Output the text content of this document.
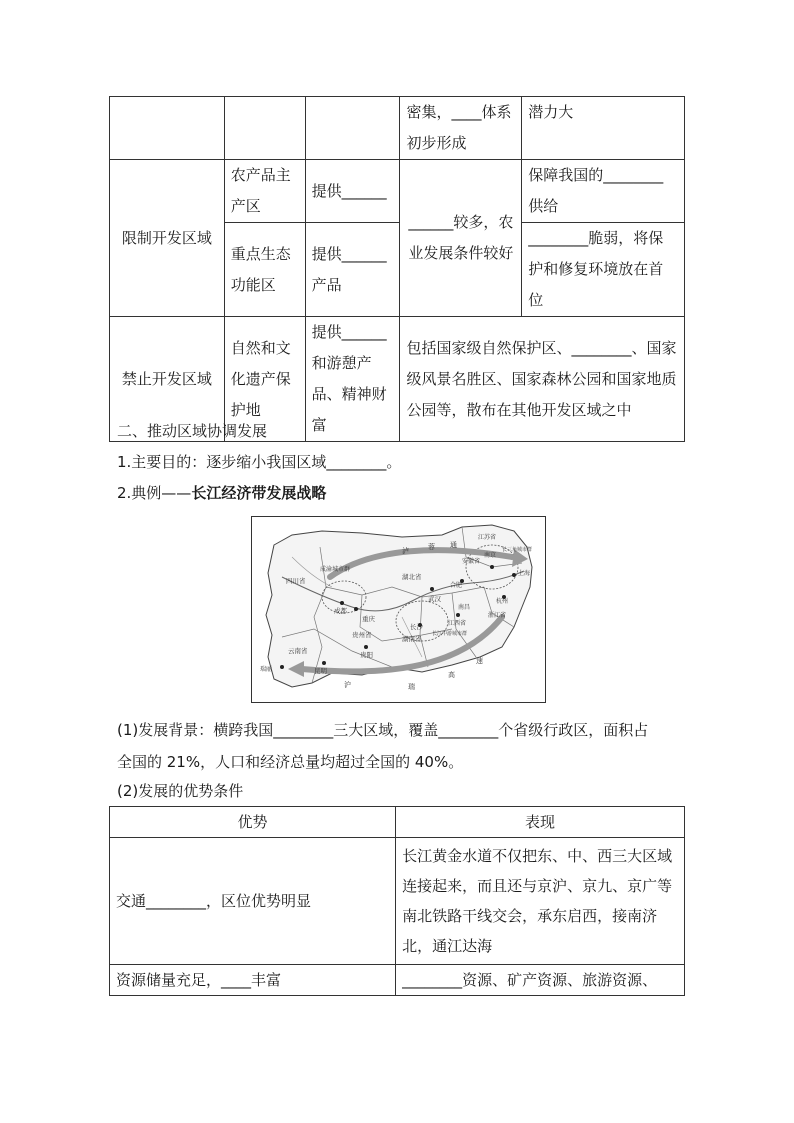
			密集，____体系初步形成	潜力大
限制开发区域	农产品主产区	提供______	______较多，农业发展条件较好	保障我国的________供给
	重点生态功能区	提供______产品		________脆弱，将保护和修复环境放在首位
禁止开发区域	自然和文化遗产保护地	提供______和游憩产品、精神财富	包括国家级自然保护区、________、国家级风景名胜区、国家森林公园和国家地质公园等，散布在其他开发区域之中	
二、推动区域协调发展
1.主要目的：逐步缩小我国区域________。
2.典例——长江经济带发展战略
江苏省
成渝城市群
泸	蓉 通
安徽省
南京
长三角城市群
四川省	湖北省
合肥
上海
成都
武汉	杭州
重庆
长江中游城市群
江西省
浙江省
长沙
南昌
湖南省
贵州省
贵阳
云南省
昆明
瑞丽
沪	瑞
高
速
(1)发展背景：横跨我国________三大区域，覆盖________个省级行政区，面积占
全国的 21%，人口和经济总量均超过全国的 40%。
(2)发展的优势条件
优势	表现
交通________，区位优势明显	长江黄金水道不仅把东、中、西三大区域连接起来，而且还与京沪、京九、京广等南北铁路干线交会，承东启西，接南济北，通江达海
资源储量充足，____丰富	________资源、矿产资源、旅游资源、
